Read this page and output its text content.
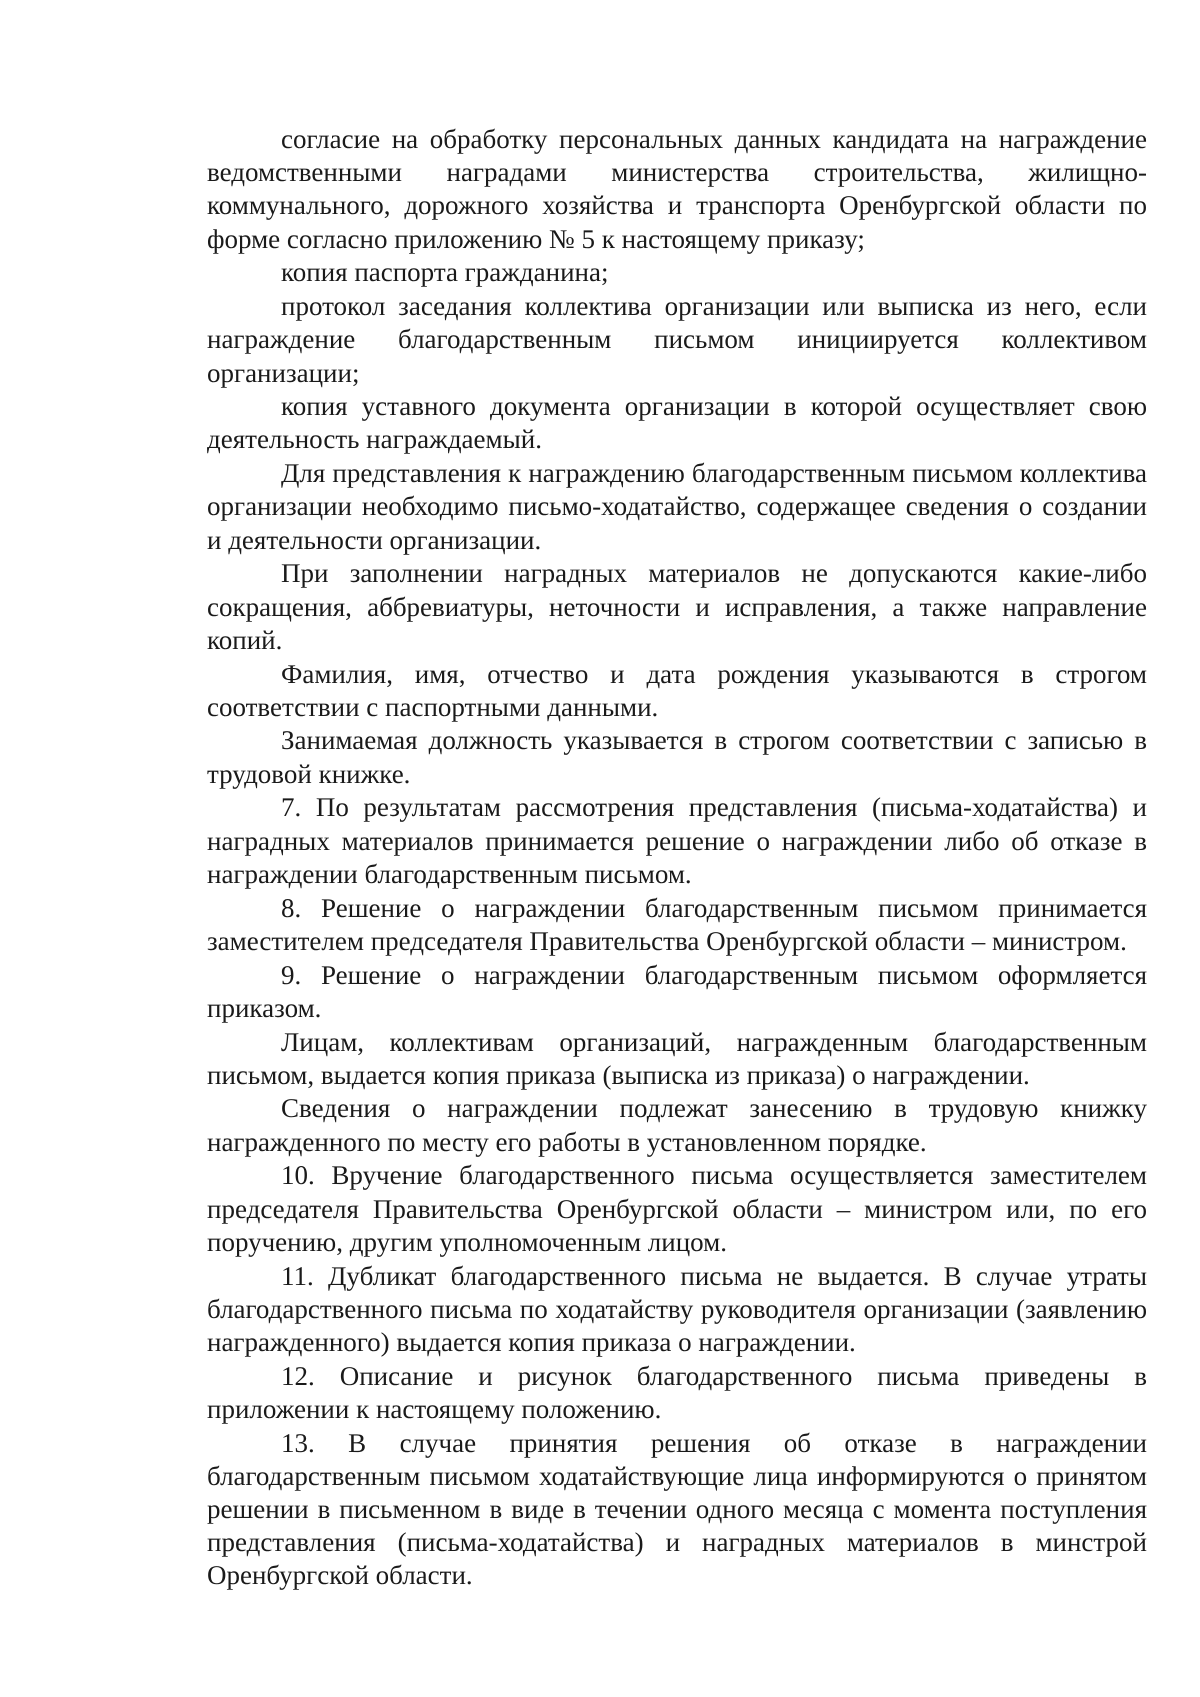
согласие на обработку персональных данных кандидата на награждение ведомственными наградами министерства строительства, жилищно-коммунального, дорожного хозяйства и транспорта Оренбургской области по форме согласно приложению № 5 к настоящему приказу;

копия паспорта гражданина;

протокол заседания коллектива организации или выписка из него, если награждение благодарственным письмом инициируется коллективом организации;

копия уставного документа организации в которой осуществляет свою деятельность награждаемый.

Для представления к награждению благодарственным письмом коллектива организации необходимо письмо-ходатайство, содержащее сведения о создании и деятельности организации.

При заполнении наградных материалов не допускаются какие-либо сокращения, аббревиатуры, неточности и исправления, а также направление копий.

Фамилия, имя, отчество и дата рождения указываются в строгом соответствии с паспортными данными.

Занимаемая должность указывается в строгом соответствии с записью в трудовой книжке.

7. По результатам рассмотрения представления (письма-ходатайства) и наградных материалов принимается решение о награждении либо об отказе в награждении благодарственным письмом.

8. Решение о награждении благодарственным письмом принимается заместителем председателя Правительства Оренбургской области – министром.

9. Решение о награждении благодарственным письмом оформляется приказом.

Лицам, коллективам организаций, награжденным благодарственным письмом, выдается копия приказа (выписка из приказа) о награждении.

Сведения о награждении подлежат занесению в трудовую книжку награжденного по месту его работы в установленном порядке.

10. Вручение благодарственного письма осуществляется заместителем председателя Правительства Оренбургской области – министром или, по его поручению, другим уполномоченным лицом.

11. Дубликат благодарственного письма не выдается. В случае утраты благодарственного письма по ходатайству руководителя организации (заявлению награжденного) выдается копия приказа о награждении.

12. Описание и рисунок благодарственного письма приведены в приложении к настоящему положению.

13. В случае принятия решения об отказе в награждении благодарственным письмом ходатайствующие лица информируются о принятом решении в письменном в виде в течении одного месяца с момента поступления представления (письма-ходатайства) и наградных материалов в минстрой Оренбургской области.
